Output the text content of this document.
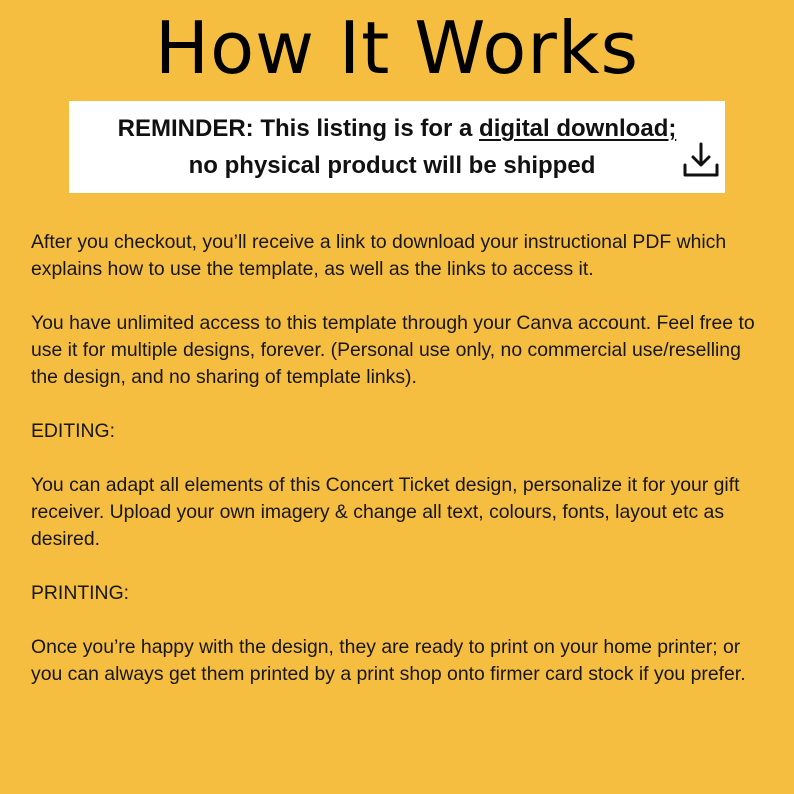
How It Works
REMINDER: This listing is for a digital download;
no physical product will be shipped

After you checkout, you’ll receive a link to download your instructional PDF which explains how to use the template, as well as the links to access it.

You have unlimited access to this template through your Canva account. Feel free to use it for multiple designs, forever. (Personal use only, no commercial use/reselling the design, and no sharing of template links).

EDITING:

You can adapt all elements of this Concert Ticket design, personalize it for your gift receiver. Upload your own imagery & change all text, colours, fonts, layout etc as desired.

PRINTING:

Once you’re happy with the design, they are ready to print on your home printer; or you can always get them printed by a print shop onto firmer card stock if you prefer.
